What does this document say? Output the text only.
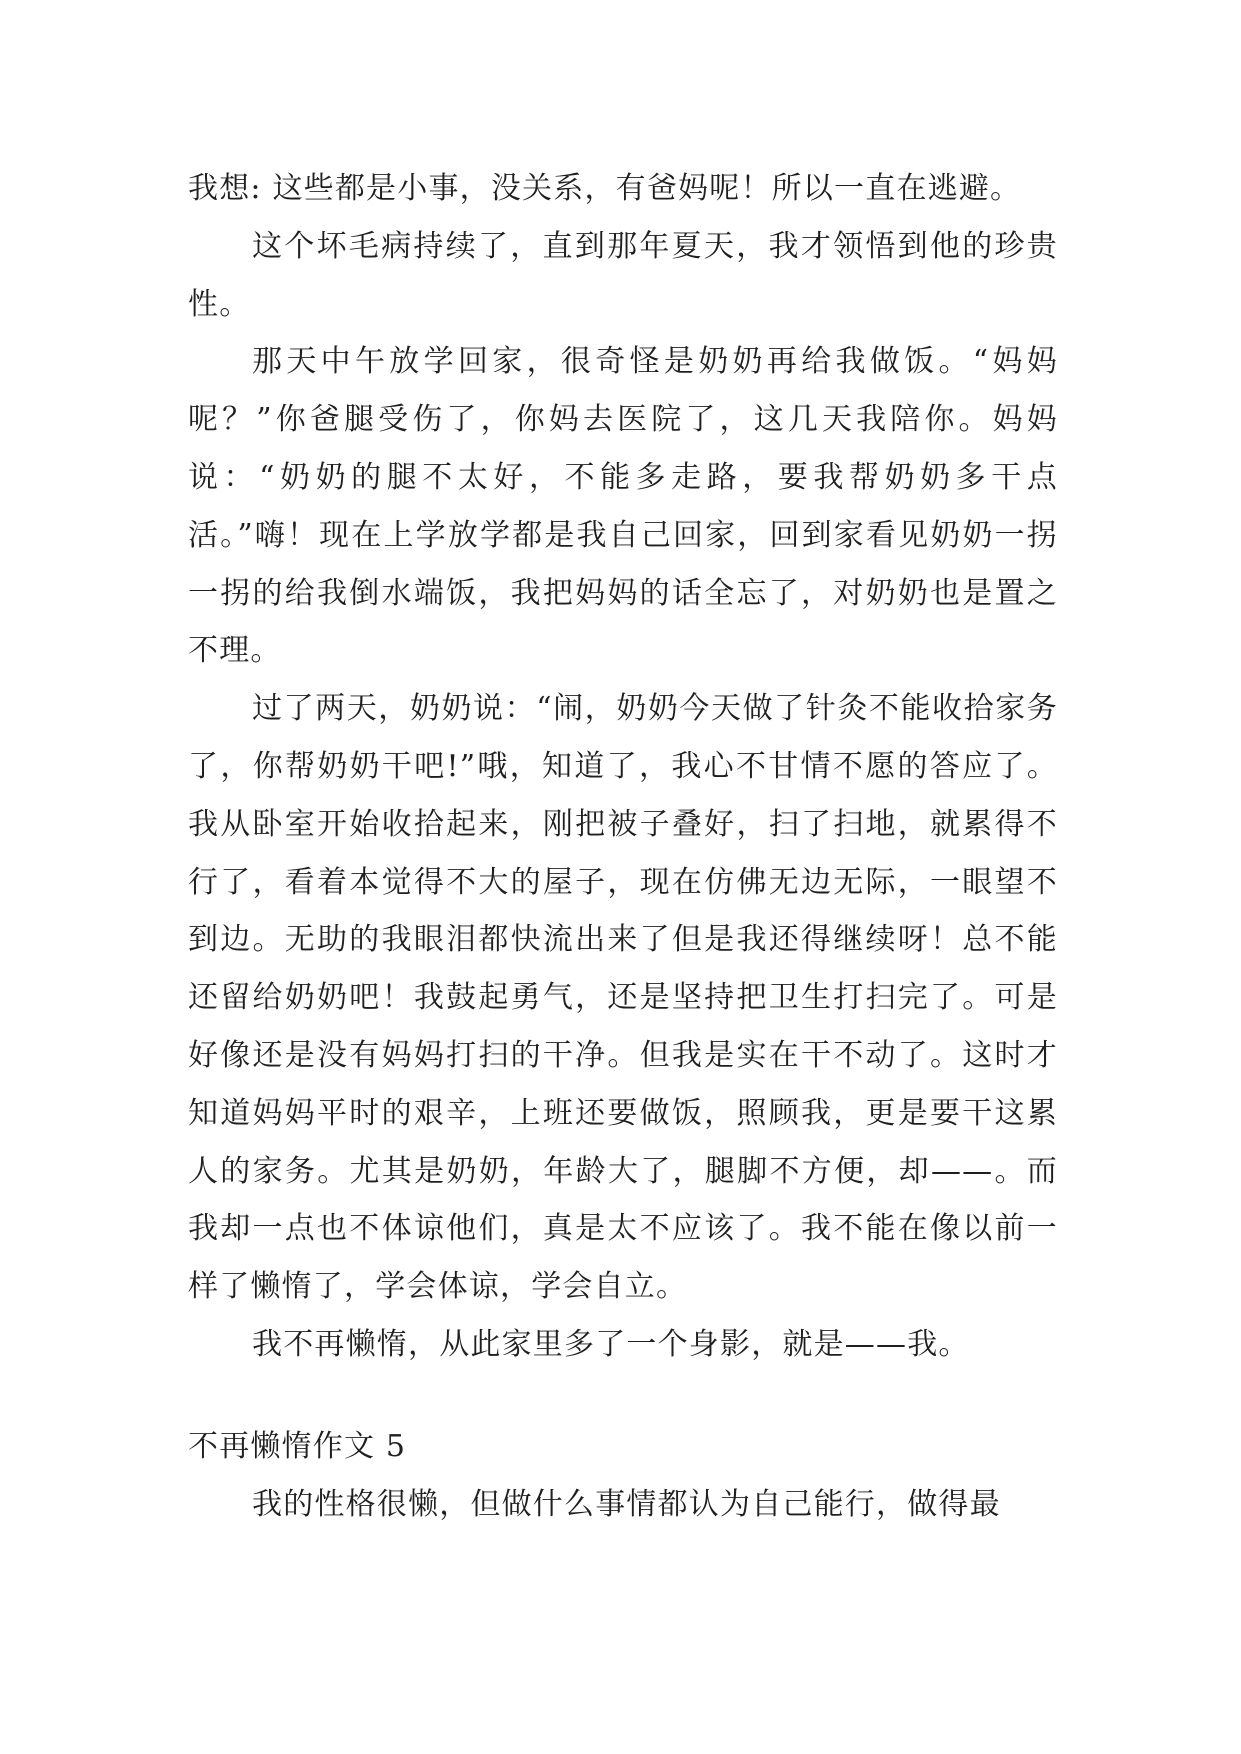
我想: 这些都是小事，没关系，有爸妈呢！所以一直在逃避。

这个坏毛病持续了，直到那年夏天，我才领悟到他的珍贵性。

那天中午放学回家，很奇怪是奶奶再给我做饭。“妈妈呢？”你爸腿受伤了，你妈去医院了，这几天我陪你。妈妈说：“奶奶的腿不太好，不能多走路，要我帮奶奶多干点活。”嗨！现在上学放学都是我自己回家，回到家看见奶奶一拐一拐的给我倒水端饭，我把妈妈的话全忘了，对奶奶也是置之不理。

过了两天，奶奶说：“闹，奶奶今天做了针灸不能收拾家务了，你帮奶奶干吧!”哦，知道了，我心不甘情不愿的答应了。我从卧室开始收拾起来，刚把被子叠好，扫了扫地，就累得不行了，看着本觉得不大的屋子，现在仿佛无边无际，一眼望不到边。无助的我眼泪都快流出来了但是我还得继续呀！总不能还留给奶奶吧！我鼓起勇气，还是坚持把卫生打扫完了。可是好像还是没有妈妈打扫的干净。但我是实在干不动了。这时才知道妈妈平时的艰辛，上班还要做饭，照顾我，更是要干这累人的家务。尤其是奶奶，年龄大了，腿脚不方便，却——。而我却一点也不体谅他们，真是太不应该了。我不能在像以前一样了懒惰了，学会体谅，学会自立。

我不再懒惰，从此家里多了一个身影，就是——我。

不再懒惰作文 5

我的性格很懒，但做什么事情都认为自己能行，做得最
